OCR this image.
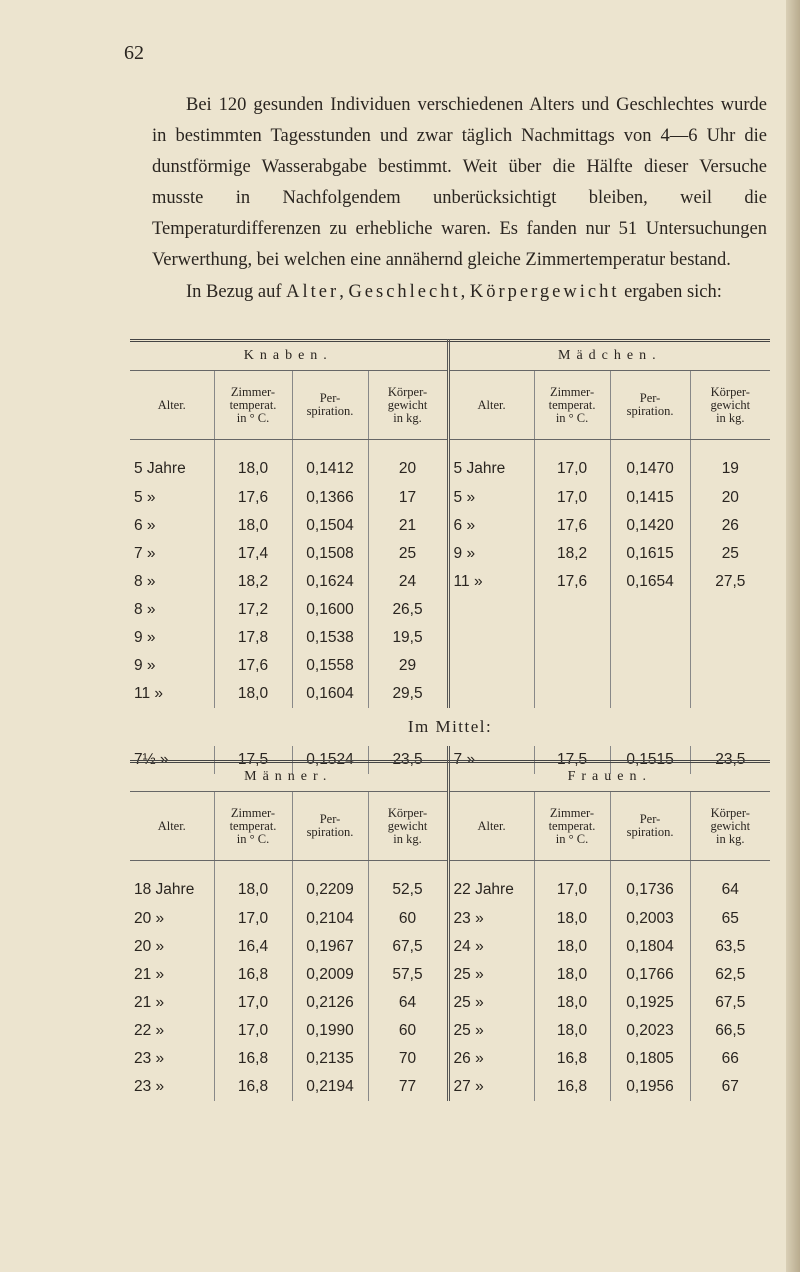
62
Bei 120 gesunden Individuen verschiedenen Alters und Geschlechtes wurde in bestimmten Tagesstunden und zwar täglich Nachmittags von 4—6 Uhr die dunstförmige Wasserabgabe bestimmt. Weit über die Hälfte dieser Versuche musste in Nachfolgendem unberücksichtigt bleiben, weil die Temperaturdifferenzen zu erhebliche waren. Es fanden nur 51 Untersuchungen Verwerthung, bei welchen eine annähernd gleiche Zimmertemperatur bestand.
In Bezug auf Alter, Geschlecht, Körpergewicht ergaben sich:
Knaben.				Mädchen.			
Alter.	Zimmer-
temperat.
in ° C.	Per-
spiration.	Körper-
gewicht
in kg.	Alter.	Zimmer-
temperat.
in ° C.	Per-
spiration.	Körper-
gewicht
in kg.
5 Jahre	18,0	0,1412	20	5 Jahre	17,0	0,1470	19
5 »	17,6	0,1366	17	5 »	17,0	0,1415	20
6 »	18,0	0,1504	21	6 »	17,6	0,1420	26
7 »	17,4	0,1508	25	9 »	18,2	0,1615	25
8 »	18,2	0,1624	24	11 »	17,6	0,1654	27,5
8 »	17,2	0,1600	26,5				
9 »	17,8	0,1538	19,5				
9 »	17,6	0,1558	29				
11 »	18,0	0,1604	29,5				
Im Mittel:							
7½ »	17,5	0,1524	23,5	7 »	17,5	0,1515	23,5
Männer.				Frauen.			
Alter.	Zimmer-
temperat.
in ° C.	Per-
spiration.	Körper-
gewicht
in kg.	Alter.	Zimmer-
temperat.
in ° C.	Per-
spiration.	Körper-
gewicht
in kg.
18 Jahre	18,0	0,2209	52,5	22 Jahre	17,0	0,1736	64
20 »	17,0	0,2104	60	23 »	18,0	0,2003	65
20 »	16,4	0,1967	67,5	24 »	18,0	0,1804	63,5
21 »	16,8	0,2009	57,5	25 »	18,0	0,1766	62,5
21 »	17,0	0,2126	64	25 »	18,0	0,1925	67,5
22 »	17,0	0,1990	60	25 »	18,0	0,2023	66,5
23 »	16,8	0,2135	70	26 »	16,8	0,1805	66
23 »	16,8	0,2194	77	27 »	16,8	0,1956	67
